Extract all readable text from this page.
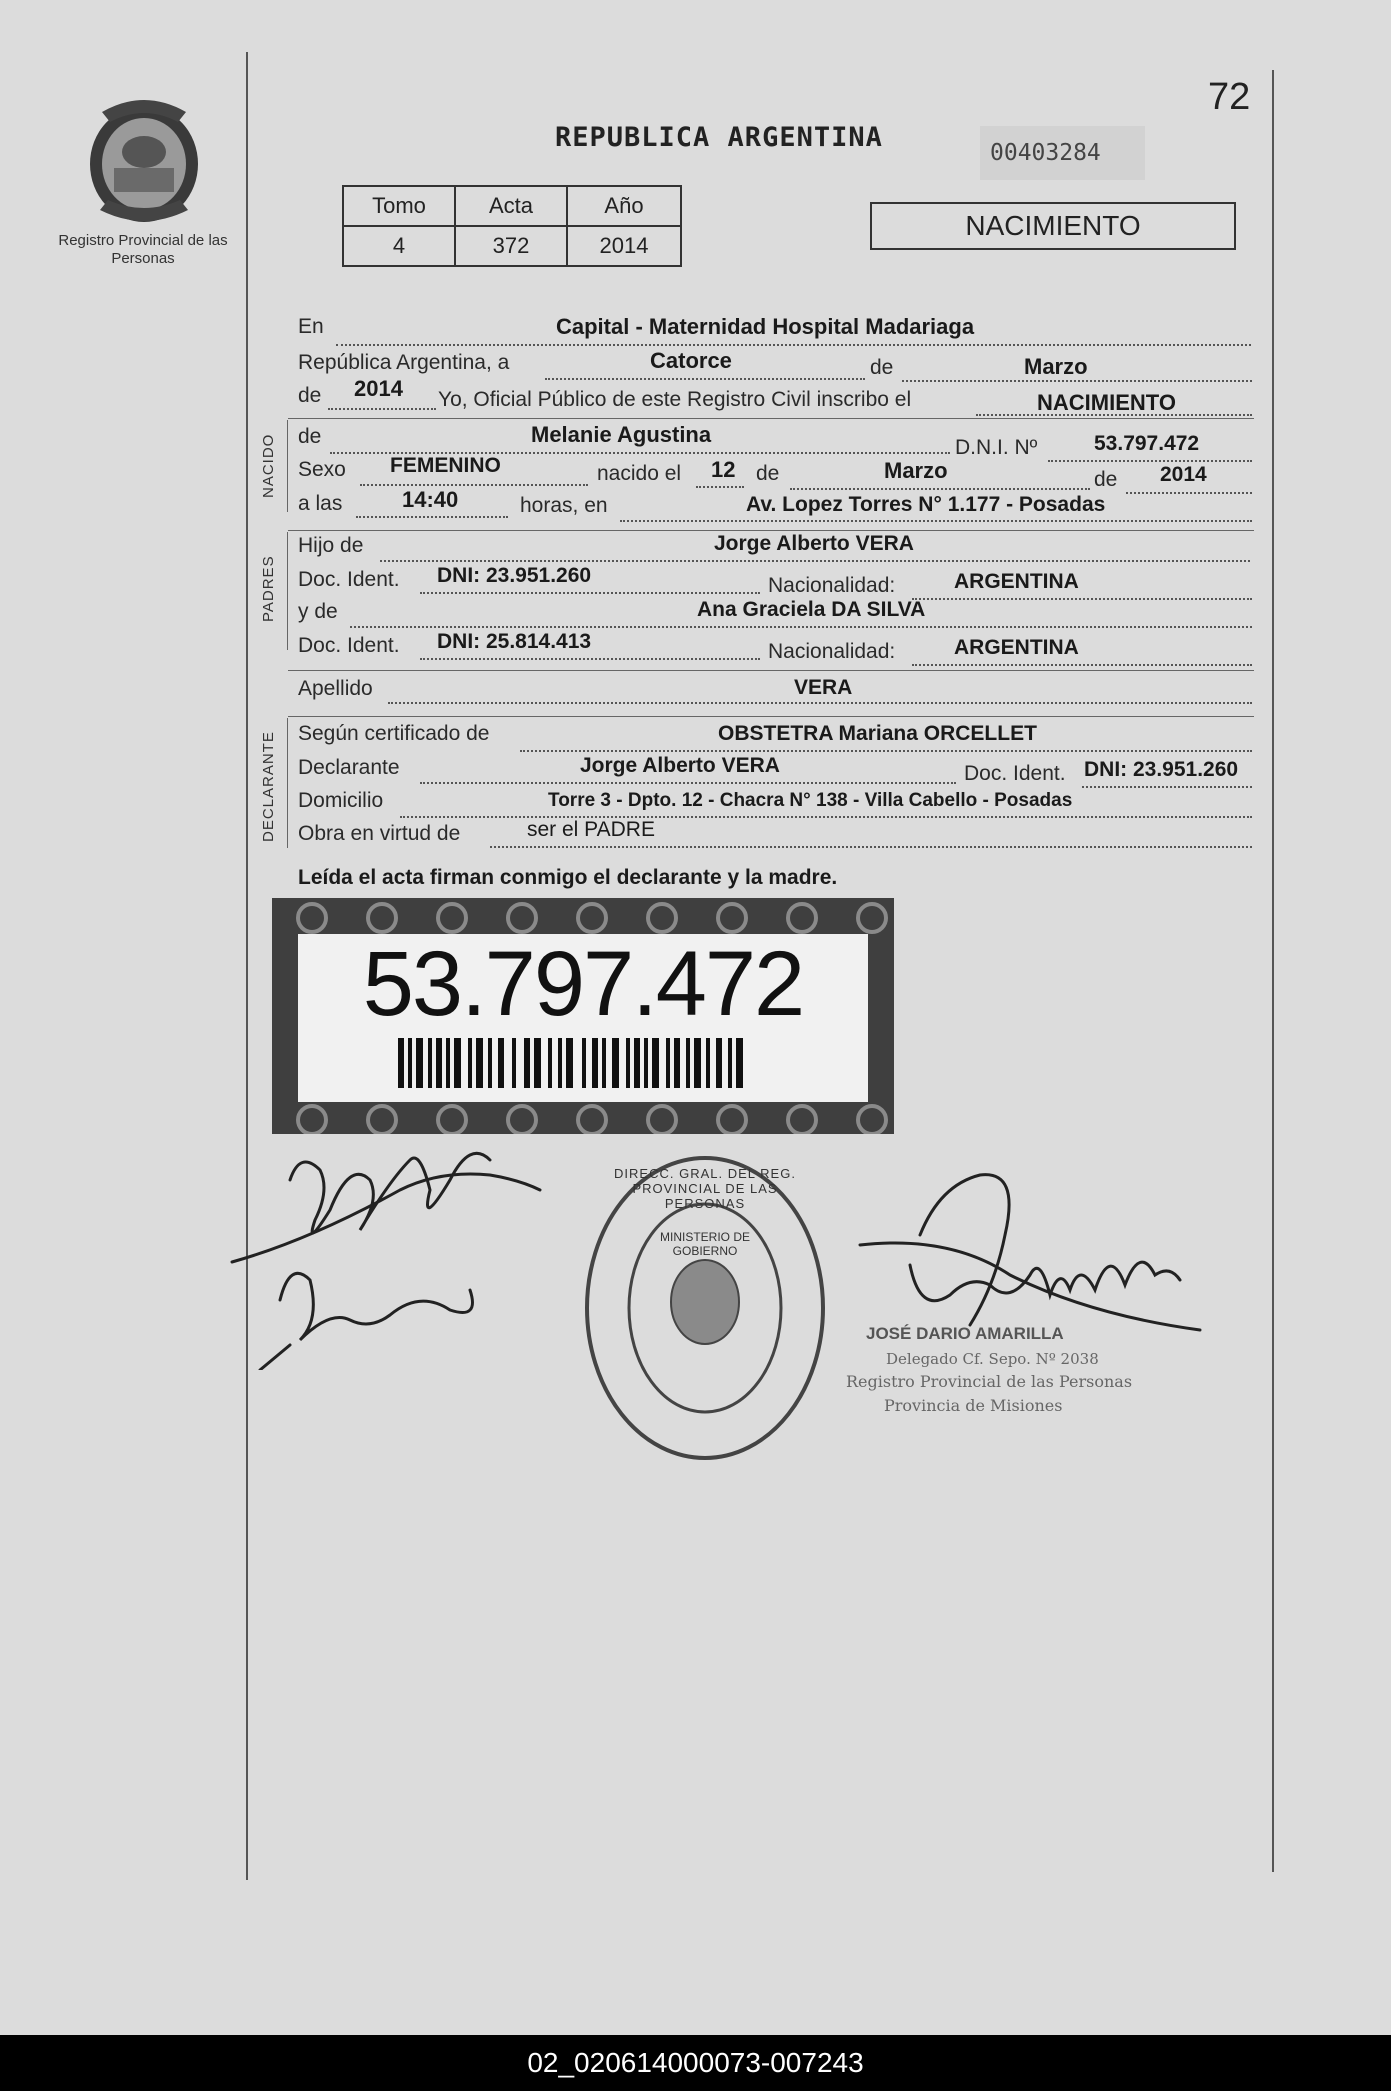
Registro Provincial de las Personas
72
REPUBLICA ARGENTINA	00403284
Tomo	Acta	Año
4	372	2014
NACIMIENTO
En	Capital - Maternidad Hospital Madariaga
República Argentina, a	Catorce	de	Marzo
de 2014 Yo, Oficial Público de este Registro Civil inscribo el	NACIMIENTO
NACIDO de	Melanie Agustina
D.N.I. Nº	53.797.472
Sexo FEMENINO	nacido el 12 de	Marzo	de 2014
a las	14:40	horas, en	Av. Lopez Torres N° 1.177 - Posadas
PADRES
Hijo de	Jorge Alberto VERA
Doc. Ident. DNI: 23.951.260	Nacionalidad:	ARGENTINA
y de	Ana Graciela DA SILVA
Doc. Ident. DNI: 25.814.413	Nacionalidad:	ARGENTINA
Apellido	VERA
DECLARANTE Según certificado de	OBSTETRA Mariana ORCELLET
Declarante	Jorge Alberto VERA	Doc. Ident. DNI: 23.951.260
Domicilio	Torre 3 - Dpto. 12 - Chacra N° 138 - Villa Cabello - Posadas
Obra en virtud de	ser el PADRE
Leída el acta firman conmigo el declarante y la madre.
53.797.472
DIRECC. GRAL. DEL REG. PROVINCIAL DE LAS PERSONAS
MINISTERIO DE GOBIERNO
JOSÉ DARIO AMARILLA
Delegado Cf. Sepo. Nº 2038
Registro Provincial de las Personas
Provincia de Misiones
02_020614000073-007243
